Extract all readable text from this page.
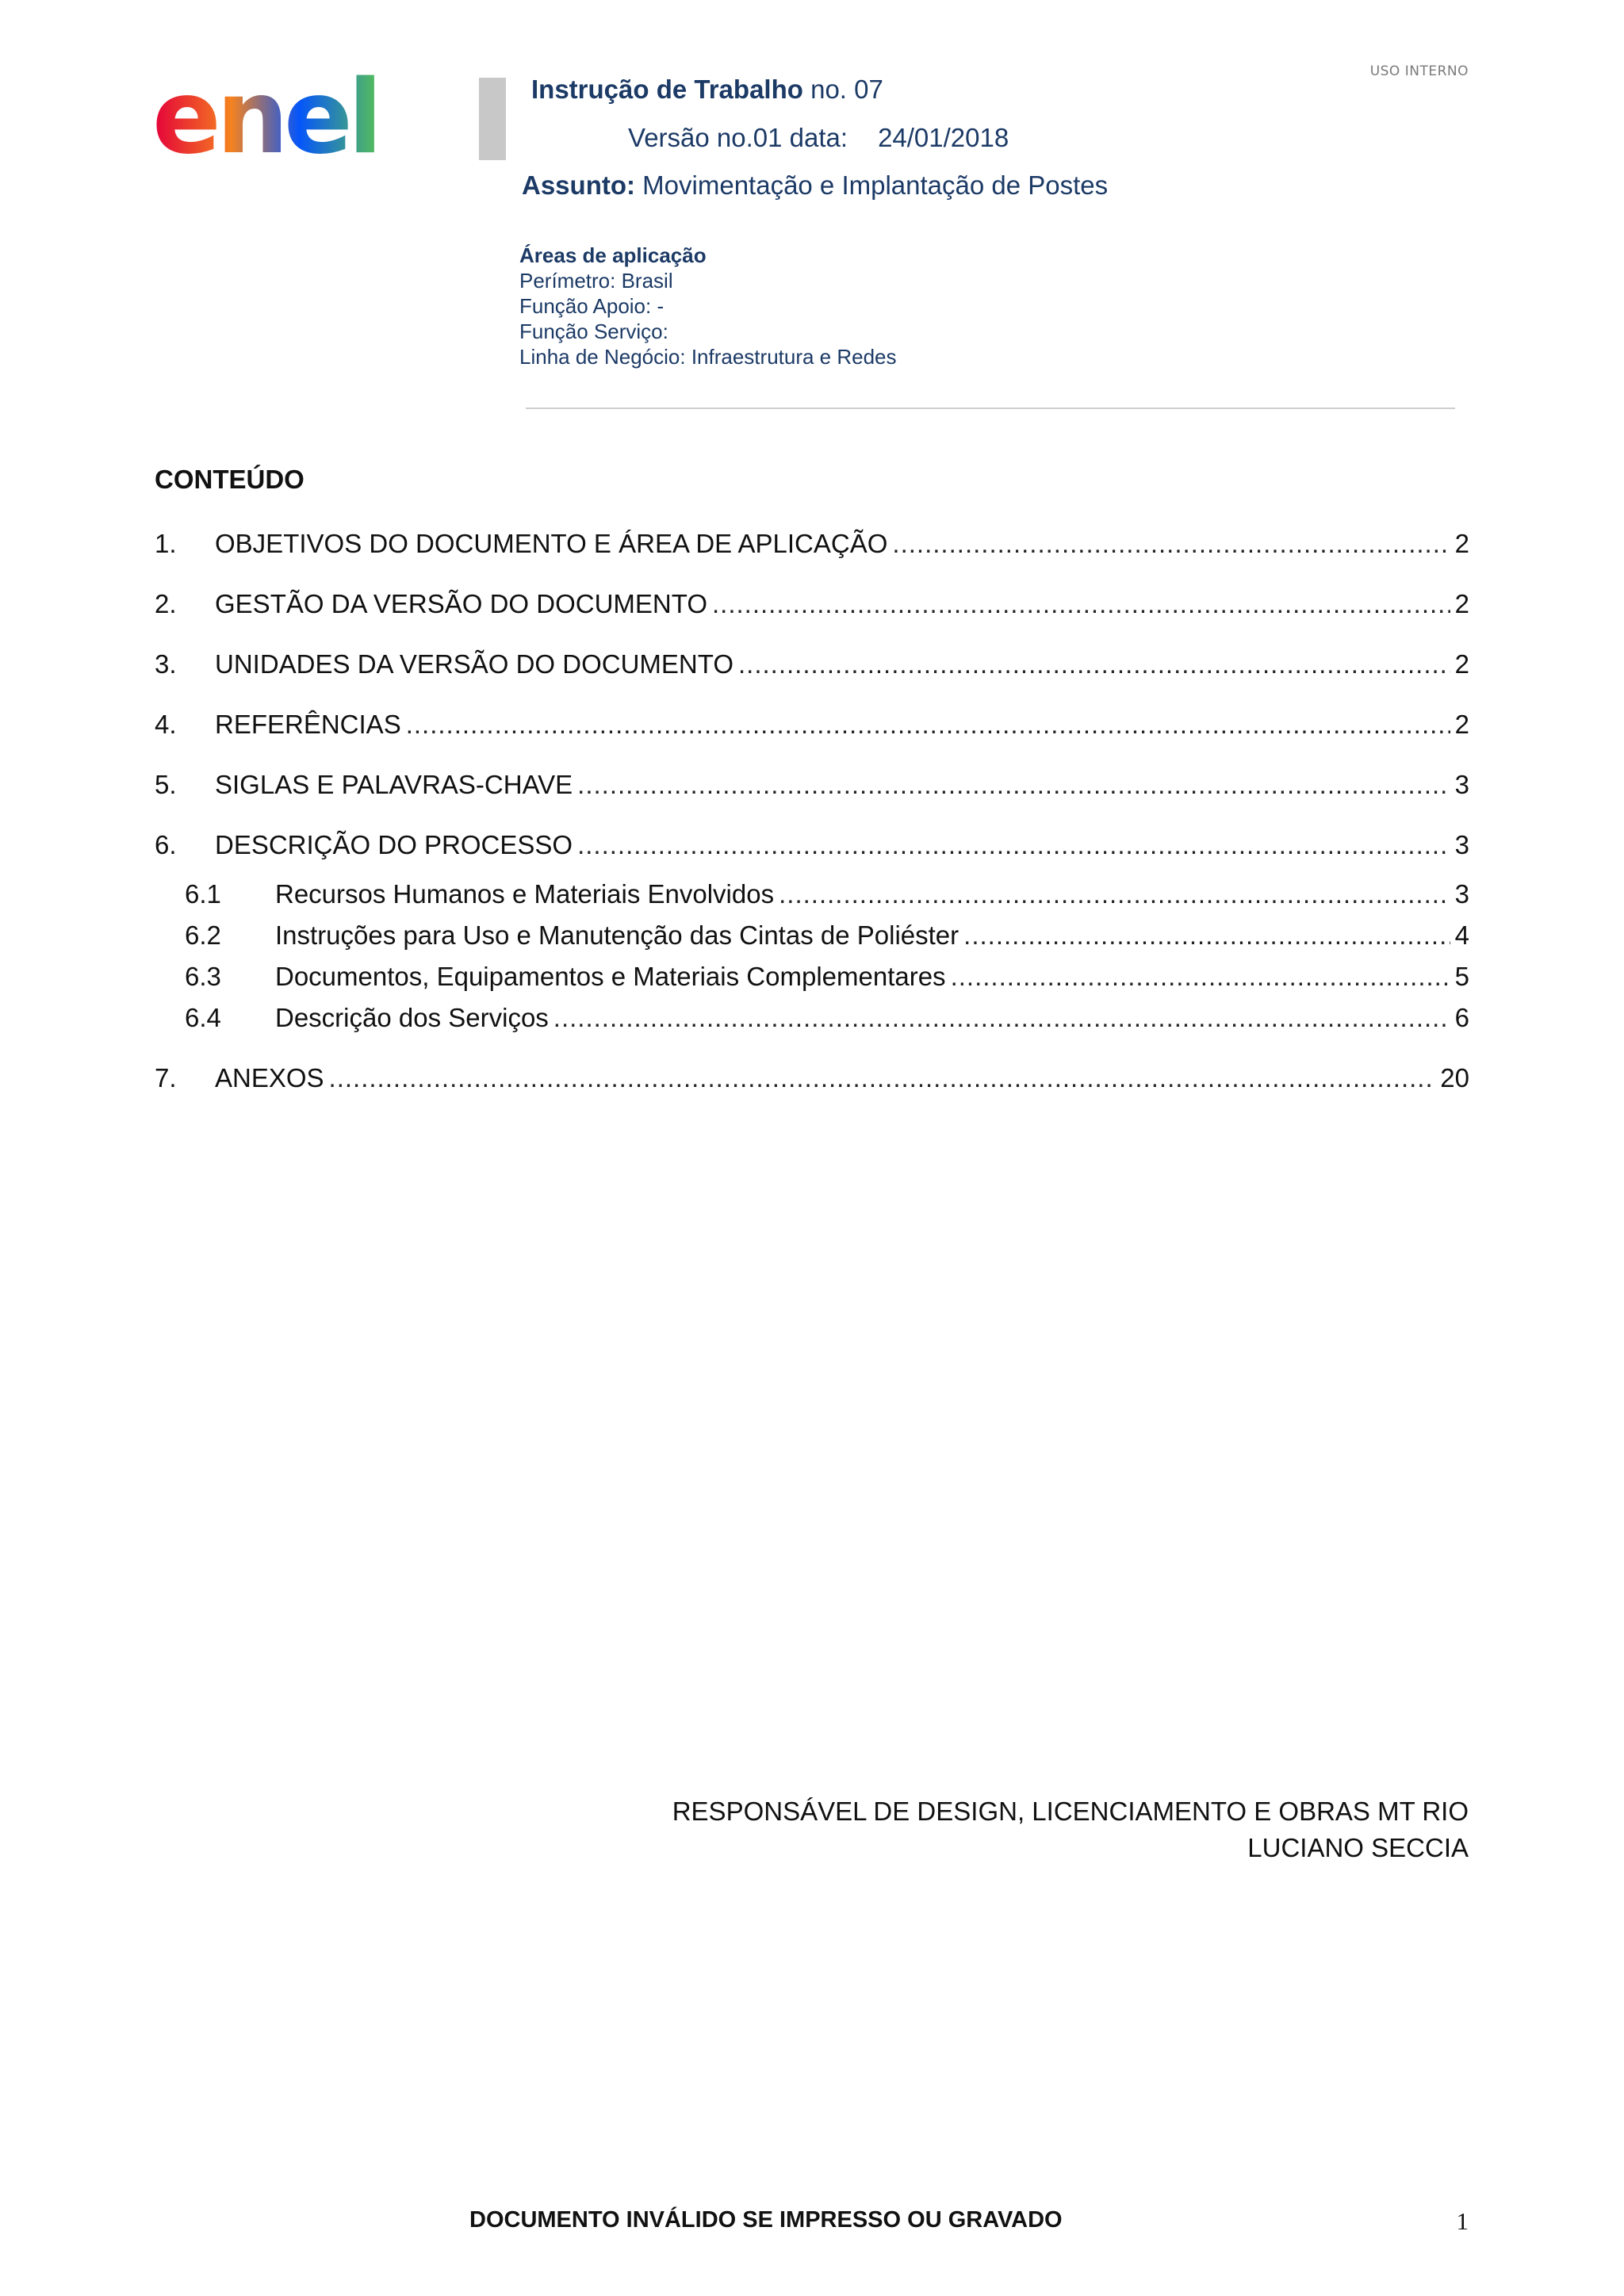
USO INTERNO
enel	Instrução de Trabalho no. 07
Versão no.01 data: 24/01/2018
Assunto: Movimentação e Implantação de Postes
Áreas de aplicação
Perímetro: Brasil
Função Apoio: -
Função Serviço:
Linha de Negócio: Infraestrutura e Redes
CONTEÚDO
1.	OBJETIVOS DO DOCUMENTO E ÁREA DE APLICAÇÃO .....	2
2.	GESTÃO DA VERSÃO DO DOCUMENTO .....	2
3.	UNIDADES DA VERSÃO DO DOCUMENTO .....	2
4.	REFERÊNCIAS .....	2
5.	SIGLAS E PALAVRAS-CHAVE .....	3
6.	DESCRIÇÃO DO PROCESSO .....	3
6.1	Recursos Humanos e Materiais Envolvidos .....	3
6.2	Instruções para Uso e Manutenção das Cintas de Poliéster .....	4
6.3	Documentos, Equipamentos e Materiais Complementares .....	5
6.4	Descrição dos Serviços .....	6
7.	ANEXOS .....	20
RESPONSÁVEL DE DESIGN, LICENCIAMENTO E OBRAS MT RIO
LUCIANO SECCIA
DOCUMENTO INVÁLIDO SE IMPRESSO OU GRAVADO	1
